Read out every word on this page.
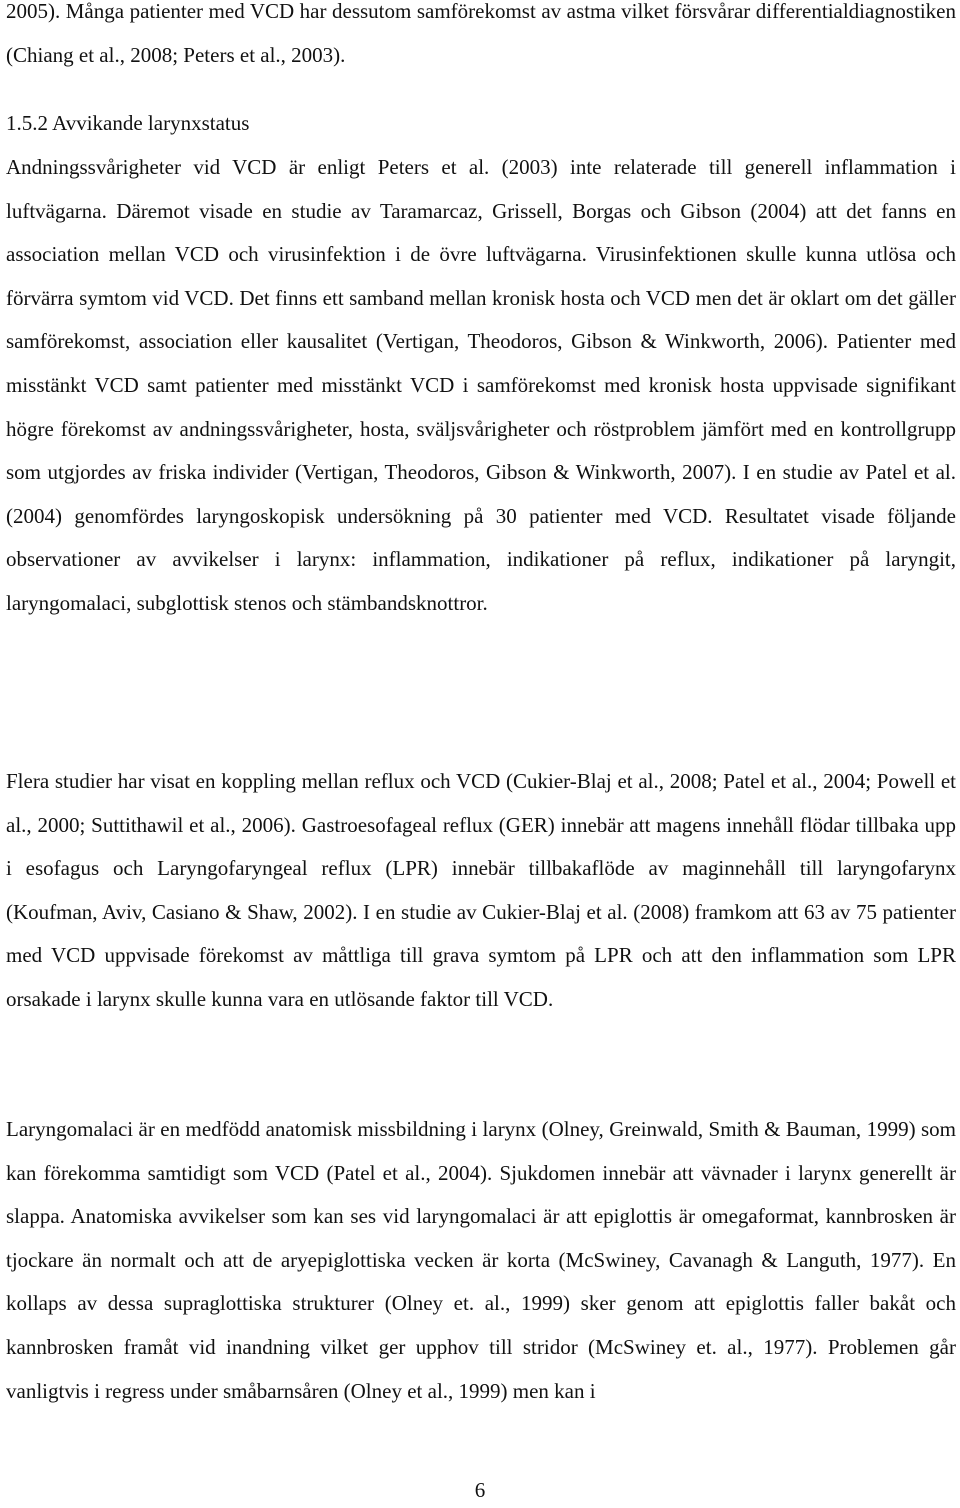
2005). Många patienter med VCD har dessutom samförekomst av astma vilket försvårar differentialdiagnostiken (Chiang et al., 2008; Peters et al., 2003).

1.5.2 Avvikande larynxstatus

Andningssvårigheter vid VCD är enligt Peters et al. (2003) inte relaterade till generell inflammation i luftvägarna. Däremot visade en studie av Taramarcaz, Grissell, Borgas och Gibson (2004) att det fanns en association mellan VCD och virusinfektion i de övre luftvägarna. Virusinfektionen skulle kunna utlösa och förvärra symtom vid VCD. Det finns ett samband mellan kronisk hosta och VCD men det är oklart om det gäller samförekomst, association eller kausalitet (Vertigan, Theodoros, Gibson & Winkworth, 2006). Patienter med misstänkt VCD samt patienter med misstänkt VCD i samförekomst med kronisk hosta uppvisade signifikant högre förekomst av andningssvårigheter, hosta, sväljsvårigheter och röstproblem jämfört med en kontrollgrupp som utgjordes av friska individer (Vertigan, Theodoros, Gibson & Winkworth, 2007). I en studie av Patel et al. (2004) genomfördes laryngoskopisk undersökning på 30 patienter med VCD. Resultatet visade följande observationer av avvikelser i larynx: inflammation, indikationer på reflux, indikationer på laryngit, laryngomalaci, subglottisk stenos och stämbandsknottror.

Flera studier har visat en koppling mellan reflux och VCD (Cukier-Blaj et al., 2008; Patel et al., 2004; Powell et al., 2000; Suttithawil et al., 2006). Gastroesofageal reflux (GER) innebär att magens innehåll flödar tillbaka upp i esofagus och Laryngofaryngeal reflux (LPR) innebär tillbakaflöde av maginnehåll till laryngofarynx (Koufman, Aviv, Casiano & Shaw, 2002). I en studie av Cukier-Blaj et al. (2008) framkom att 63 av 75 patienter med VCD uppvisade förekomst av måttliga till grava symtom på LPR och att den inflammation som LPR orsakade i larynx skulle kunna vara en utlösande faktor till VCD.

Laryngomalaci är en medfödd anatomisk missbildning i larynx (Olney, Greinwald, Smith & Bauman, 1999) som kan förekomma samtidigt som VCD (Patel et al., 2004). Sjukdomen innebär att vävnader i larynx generellt är slappa. Anatomiska avvikelser som kan ses vid laryngomalaci är att epiglottis är omegaformat, kannbrosken är tjockare än normalt och att de aryepiglottiska vecken är korta (McSwiney, Cavanagh & Languth, 1977). En kollaps av dessa supraglottiska strukturer (Olney et. al., 1999) sker genom att epiglottis faller bakåt och kannbrosken framåt vid inandning vilket ger upphov till stridor (McSwiney et. al., 1977). Problemen går vanligtvis i regress under småbarnsåren (Olney et al., 1999) men kan i

6
